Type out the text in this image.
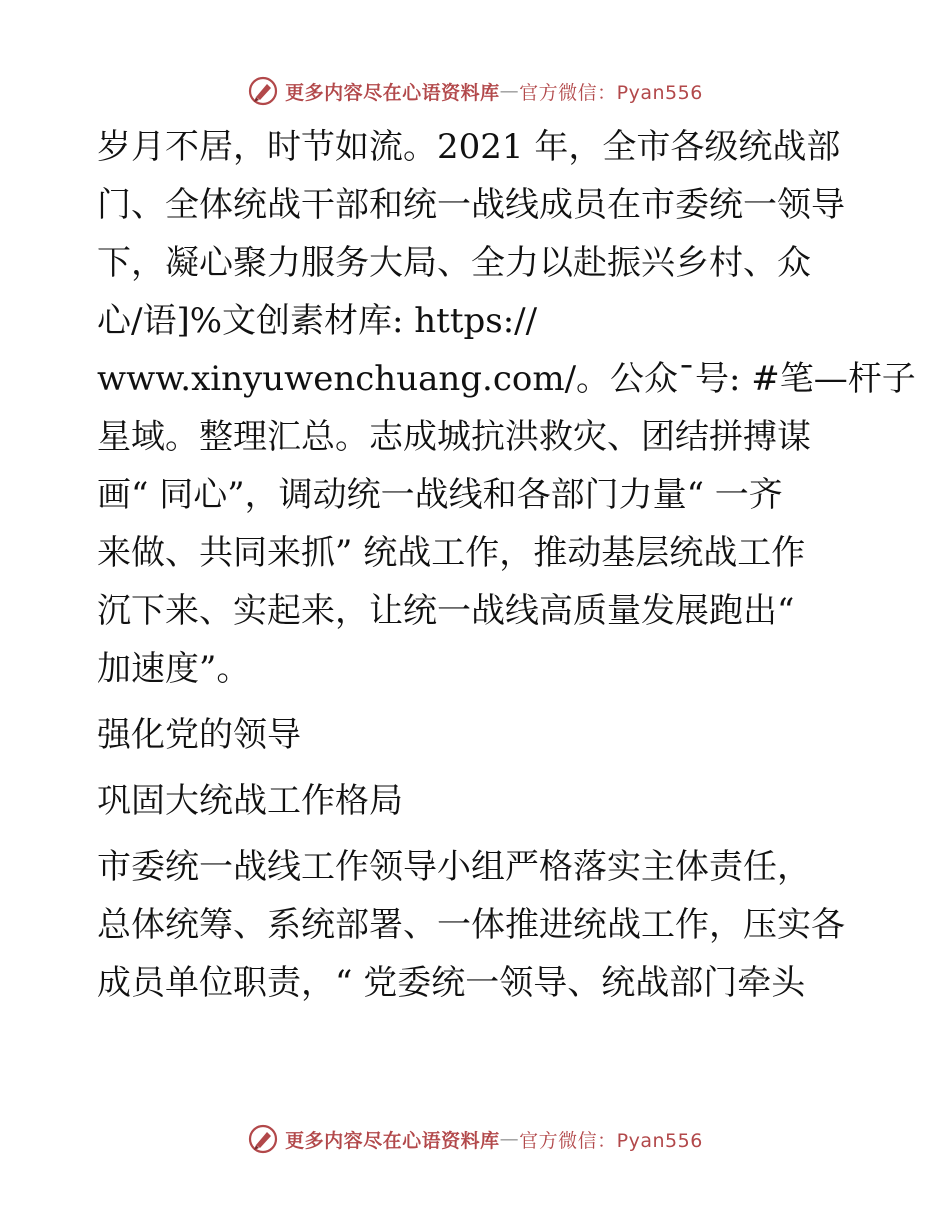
更多内容尽在心语资料库 — 官方微信：Pyan556

岁月不居，时节如流。2021 年，全市各级统战部
门、全体统战干部和统一战线成员在市委统一领导
下，凝心聚力服务大局、全力以赴振兴乡村、众
心/语]%文创素材库: https://
www.xinyuwenchuang.com/。公众¯号: #笔—杆子
星域。整理汇总。志成城抗洪救灾、团结拼搏谋
画“ 同心”，调动统一战线和各部门力量“ 一齐
来做、共同来抓” 统战工作，推动基层统战工作
沉下来、实起来，让统一战线高质量发展跑出“
加速度”。

强化党的领导

巩固大统战工作格局

市委统一战线工作领导小组严格落实主体责任，
总体统筹、系统部署、一体推进统战工作，压实各
成员单位职责，“ 党委统一领导、统战部门牵头

更多内容尽在心语资料库 — 官方微信：Pyan556
